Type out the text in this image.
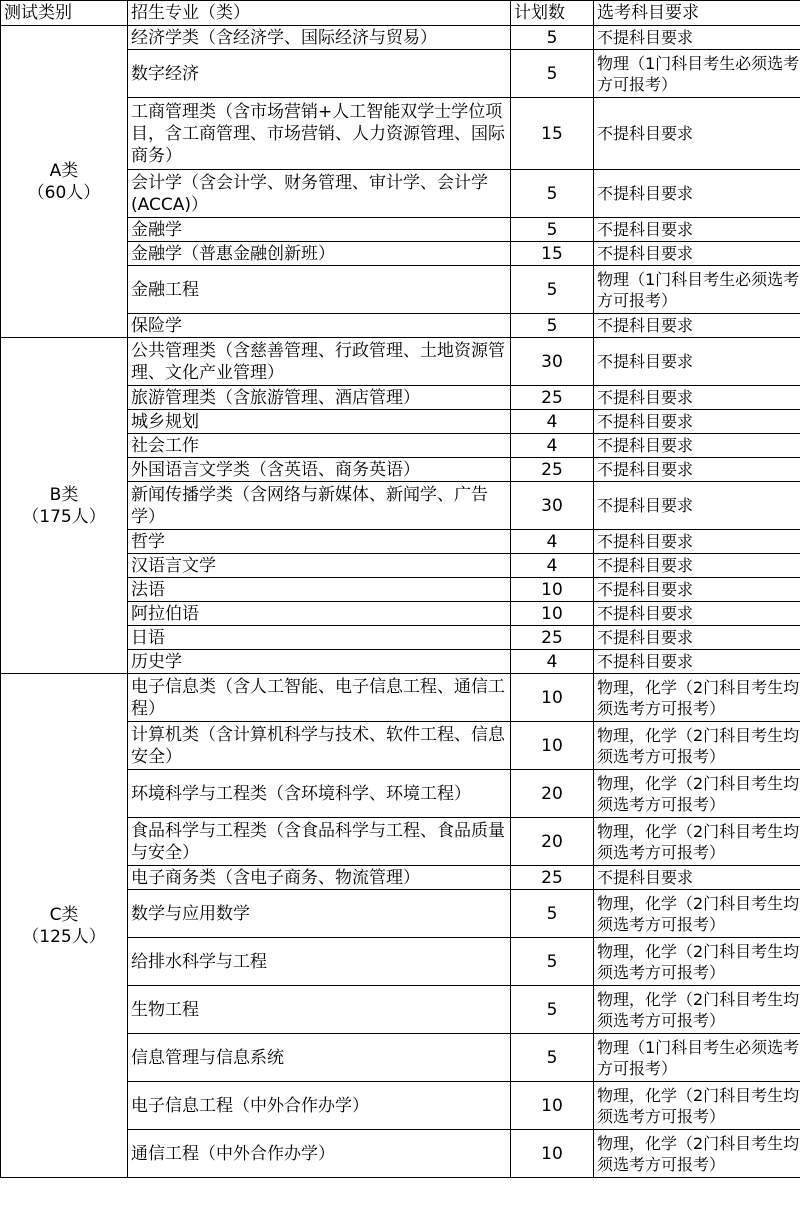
测试类别	招生专业（类）	计划数	选考科目要求

A类
（60人）	经济学类（含经济学、国际经济与贸易）	5	不提科目要求
	数字经济	5	物理（1门科目考生必须选考方可报考）
	工商管理类（含市场营销+人工智能双学士学位项目，含工商管理、市场营销、人力资源管理、国际商务）	15	不提科目要求
	会计学（含会计学、财务管理、审计学、会计学(ACCA)）	5	不提科目要求
	金融学	5	不提科目要求
	金融学（普惠金融创新班）	15	不提科目要求
	金融工程	5	物理（1门科目考生必须选考方可报考）
	保险学	5	不提科目要求

B类
（175人）	公共管理类（含慈善管理、行政管理、土地资源管理、文化产业管理）	30	不提科目要求
	旅游管理类（含旅游管理、酒店管理）	25	不提科目要求
	城乡规划	4	不提科目要求
	社会工作	4	不提科目要求
	外国语言文学类（含英语、商务英语）	25	不提科目要求
	新闻传播学类（含网络与新媒体、新闻学、广告学）	30	不提科目要求
	哲学	4	不提科目要求
	汉语言文学	4	不提科目要求
	法语	10	不提科目要求
	阿拉伯语	10	不提科目要求
	日语	25	不提科目要求
	历史学	4	不提科目要求

C类
（125人）	电子信息类（含人工智能、电子信息工程、通信工程）	10	物理，化学（2门科目考生均须选考方可报考）
	计算机类（含计算机科学与技术、软件工程、信息安全）	10	物理，化学（2门科目考生均须选考方可报考）
	环境科学与工程类（含环境科学、环境工程）	20	物理，化学（2门科目考生均须选考方可报考）
	食品科学与工程类（含食品科学与工程、食品质量与安全）	20	物理，化学（2门科目考生均须选考方可报考）
	电子商务类（含电子商务、物流管理）	25	不提科目要求
	数学与应用数学	5	物理，化学（2门科目考生均须选考方可报考）
	给排水科学与工程	5	物理，化学（2门科目考生均须选考方可报考）
	生物工程	5	物理，化学（2门科目考生均须选考方可报考）
	信息管理与信息系统	5	物理（1门科目考生必须选考方可报考）
	电子信息工程（中外合作办学）	10	物理，化学（2门科目考生均须选考方可报考）
	通信工程（中外合作办学）	10	物理，化学（2门科目考生均须选考方可报考）
